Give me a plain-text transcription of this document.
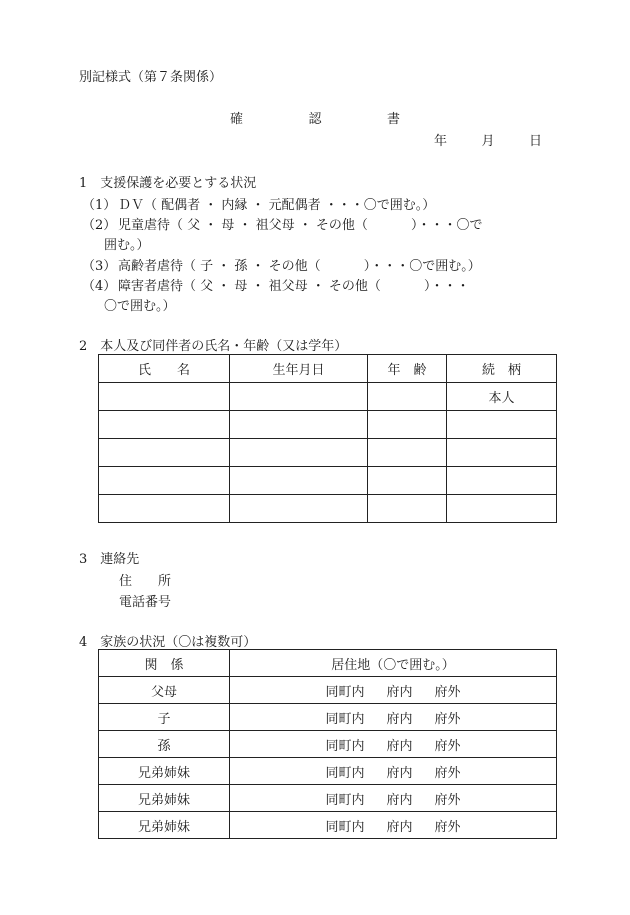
別記様式（第７条関係）
確	認	書
年	月	日
1　支援保護を必要とする状況
（1） ＤＶ（ 配偶者 ・ 内縁 ・ 元配偶者 ・・・〇で囲む。）
（2） 児童虐待（ 父 ・ 母 ・ 祖父母 ・ その他（　　　 ）・・・〇で
囲む。）
（3） 高齢者虐待（ 子 ・ 孫 ・ その他（　　　 ）・・・〇で囲む。）
（4） 障害者虐待（ 父 ・ 母 ・ 祖父母 ・ その他（　　　 ）・・・
〇で囲む。）
2　本人及び同伴者の氏名・年齢（又は学年）
氏　　名	生年月日	年　齢	続　柄
			本人

3　連絡先
住　　所
電話番号
4　家族の状況（〇は複数可）
関　係	居住地（〇で囲む。）
父母	同町内 府内 府外
子	同町内 府内 府外
孫	同町内 府内 府外
兄弟姉妹	同町内 府内 府外
兄弟姉妹	同町内 府内 府外
兄弟姉妹	同町内 府内 府外
